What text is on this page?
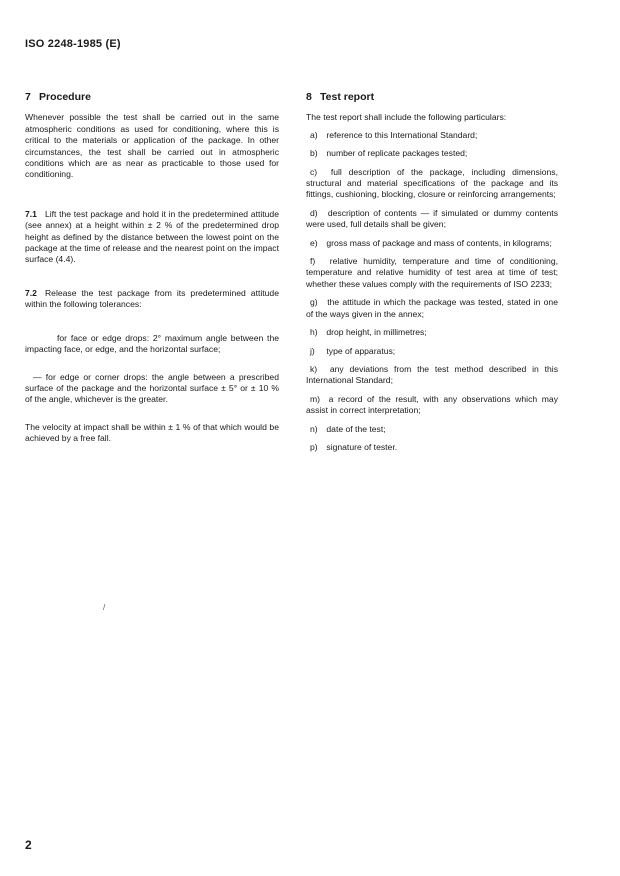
ISO 2248-1985 (E)
7 Procedure

Whenever possible the test shall be carried out in the same atmospheric conditions as used for conditioning, where this is critical to the materials or application of the package. In other circumstances, the test shall be carried out in atmospheric conditions which are as near as practicable to those used for conditioning.

7.1 Lift the test package and hold it in the predetermined attitude (see annex) at a height within ± 2 % of the predetermined drop height as defined by the distance between the lowest point on the package at the time of release and the nearest point on the impact surface (4.4).

7.2 Release the test package from its predetermined attitude within the following tolerances:

for face or edge drops: 2° maximum angle between the impacting face, or edge, and the horizontal surface;

— for edge or corner drops: the angle between a prescribed surface of the package and the horizontal surface ± 5° or ± 10 % of the angle, whichever is the greater.

The velocity at impact shall be within ± 1 % of that which would be achieved by a free fall.

8 Test report

The test report shall include the following particulars:

a) reference to this International Standard;
b) number of replicate packages tested;
c) full description of the package, including dimensions, structural and material specifications of the package and its fittings, cushioning, blocking, closure or reinforcing arrangements;
d) description of contents — if simulated or dummy contents were used, full details shall be given;
e) gross mass of package and mass of contents, in kilograms;
f) relative humidity, temperature and time of conditioning, temperature and relative humidity of test area at time of test; whether these values comply with the requirements of ISO 2233;
g) the attitude in which the package was tested, stated in one of the ways given in the annex;
h) drop height, in millimetres;
j) type of apparatus;
k) any deviations from the test method described in this International Standard;
m) a record of the result, with any observations which may assist in correct interpretation;
n) date of the test;
p) signature of tester.
/
2
